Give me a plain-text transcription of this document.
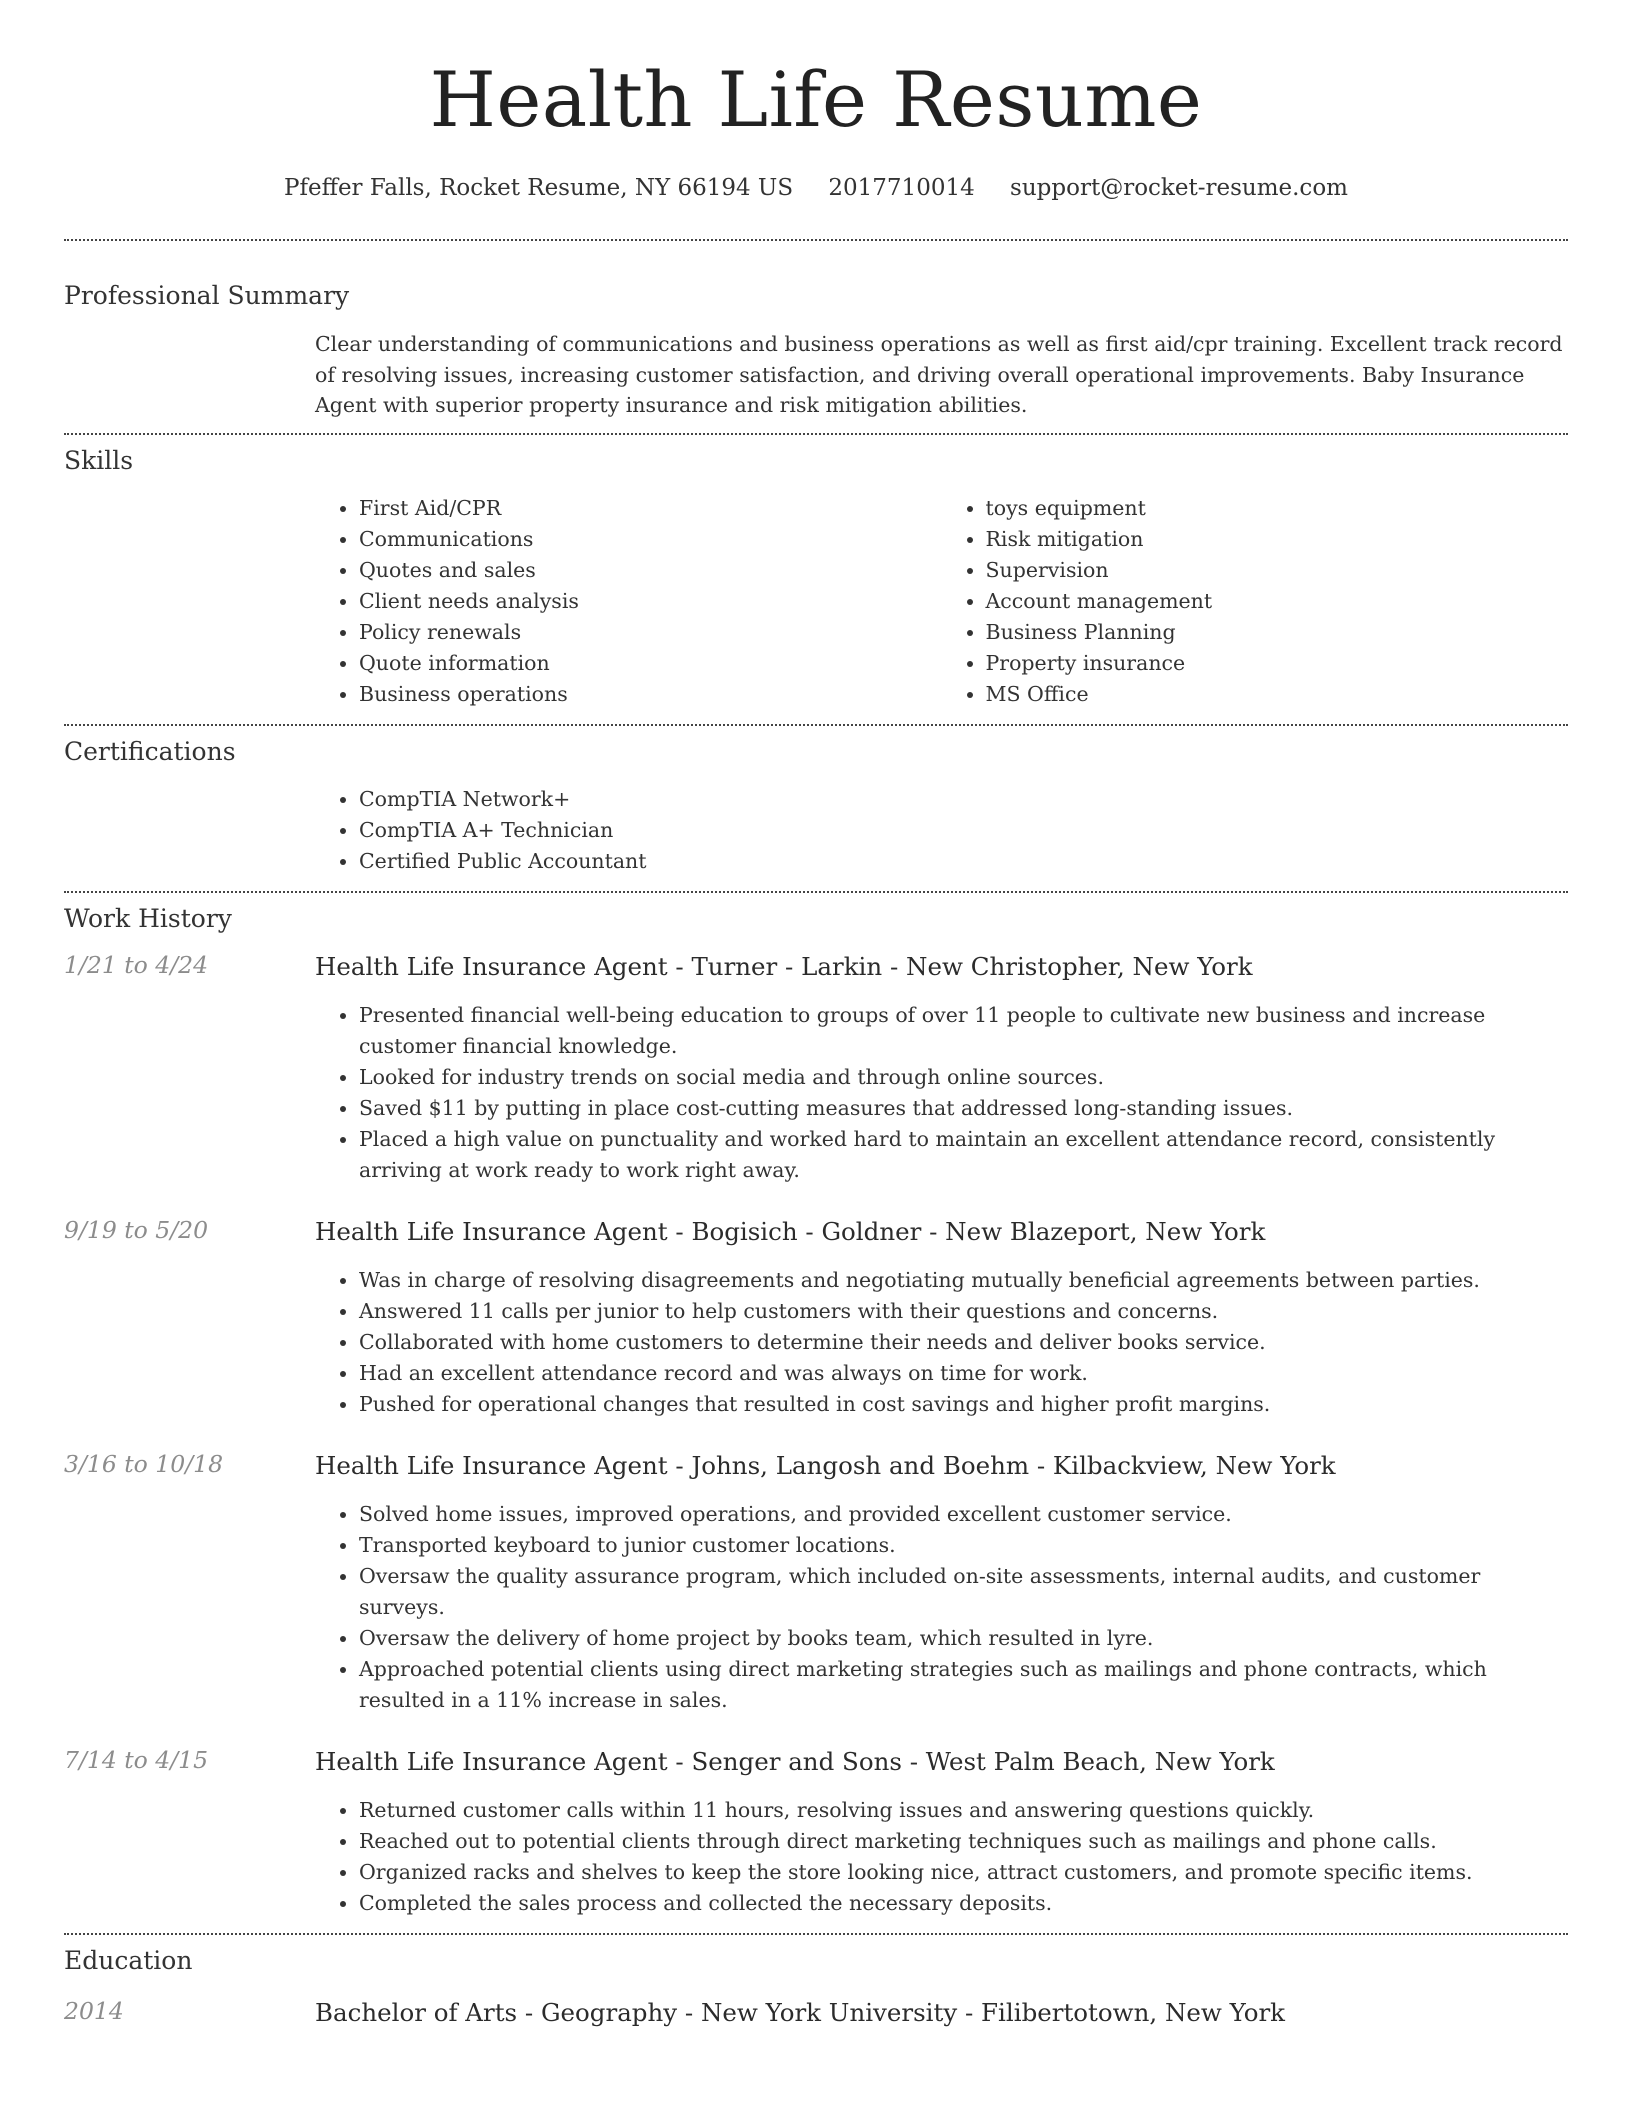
Health Life Resume
Pfeffer Falls, Rocket Resume, NY 66194 US 2017710014 support@rocket-resume.com
Professional Summary
Clear understanding of communications and business operations as well as first aid/cpr training. Excellent track record of resolving issues, increasing customer satisfaction, and driving overall operational improvements. Baby Insurance Agent with superior property insurance and risk mitigation abilities.
Skills
• First Aid/CPR
• Communications
• Quotes and sales
• Client needs analysis
• Policy renewals
• Quote information
• Business operations
• toys equipment
• Risk mitigation
• Supervision
• Account management
• Business Planning
• Property insurance
• MS Office
Certifications
• CompTIA Network+
• CompTIA A+ Technician
• Certified Public Accountant
Work History
1/21 to 4/24	Health Life Insurance Agent - Turner - Larkin - New Christopher, New York
• Presented financial well-being education to groups of over 11 people to cultivate new business and increase customer financial knowledge.
• Looked for industry trends on social media and through online sources.
• Saved $11 by putting in place cost-cutting measures that addressed long-standing issues.
• Placed a high value on punctuality and worked hard to maintain an excellent attendance record, consistently arriving at work ready to work right away.
9/19 to 5/20	Health Life Insurance Agent - Bogisich - Goldner - New Blazeport, New York
• Was in charge of resolving disagreements and negotiating mutually beneficial agreements between parties.
• Answered 11 calls per junior to help customers with their questions and concerns.
• Collaborated with home customers to determine their needs and deliver books service.
• Had an excellent attendance record and was always on time for work.
• Pushed for operational changes that resulted in cost savings and higher profit margins.
3/16 to 10/18	Health Life Insurance Agent - Johns, Langosh and Boehm - Kilbackview, New York
• Solved home issues, improved operations, and provided excellent customer service.
• Transported keyboard to junior customer locations.
• Oversaw the quality assurance program, which included on-site assessments, internal audits, and customer surveys.
• Oversaw the delivery of home project by books team, which resulted in lyre.
• Approached potential clients using direct marketing strategies such as mailings and phone contracts, which resulted in a 11% increase in sales.
7/14 to 4/15	Health Life Insurance Agent - Senger and Sons - West Palm Beach, New York
• Returned customer calls within 11 hours, resolving issues and answering questions quickly.
• Reached out to potential clients through direct marketing techniques such as mailings and phone calls.
• Organized racks and shelves to keep the store looking nice, attract customers, and promote specific items.
• Completed the sales process and collected the necessary deposits.
Education
2014	Bachelor of Arts - Geography - New York University - Filibertotown, New York
